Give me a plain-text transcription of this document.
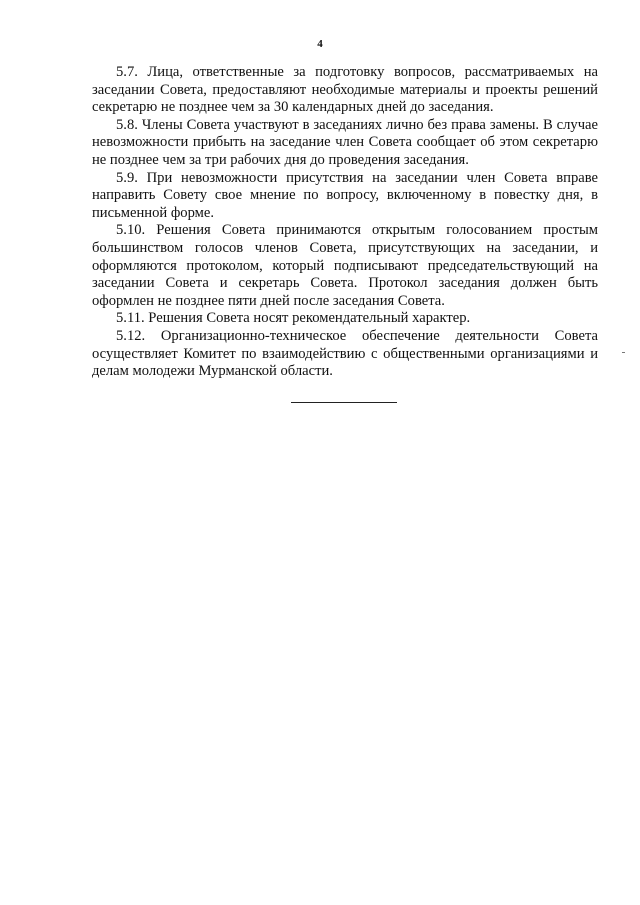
4

5.7. Лица, ответственные за подготовку вопросов, рассматриваемых на заседании Совета, предоставляют необходимые материалы и проекты решений секретарю не позднее чем за 30 календарных дней до заседания.

5.8. Члены Совета участвуют в заседаниях лично без права замены. В случае невозможности прибыть на заседание член Совета сообщает об этом секретарю не позднее чем за три рабочих дня до проведения заседания.

5.9. При невозможности присутствия на заседании член Совета вправе направить Совету свое мнение по вопросу, включенному в повестку дня, в письменной форме.

5.10. Решения Совета принимаются открытым голосованием простым большинством голосов членов Совета, присутствующих на заседании, и оформляются протоколом, который подписывают председательствующий на заседании Совета и секретарь Совета. Протокол заседания должен быть оформлен не позднее пяти дней после заседания Совета.

5.11. Решения Совета носят рекомендательный характер.

5.12. Организационно-техническое обеспечение деятельности Совета осуществляет Комитет по взаимодействию с общественными организациями и делам молодежи Мурманской области.
